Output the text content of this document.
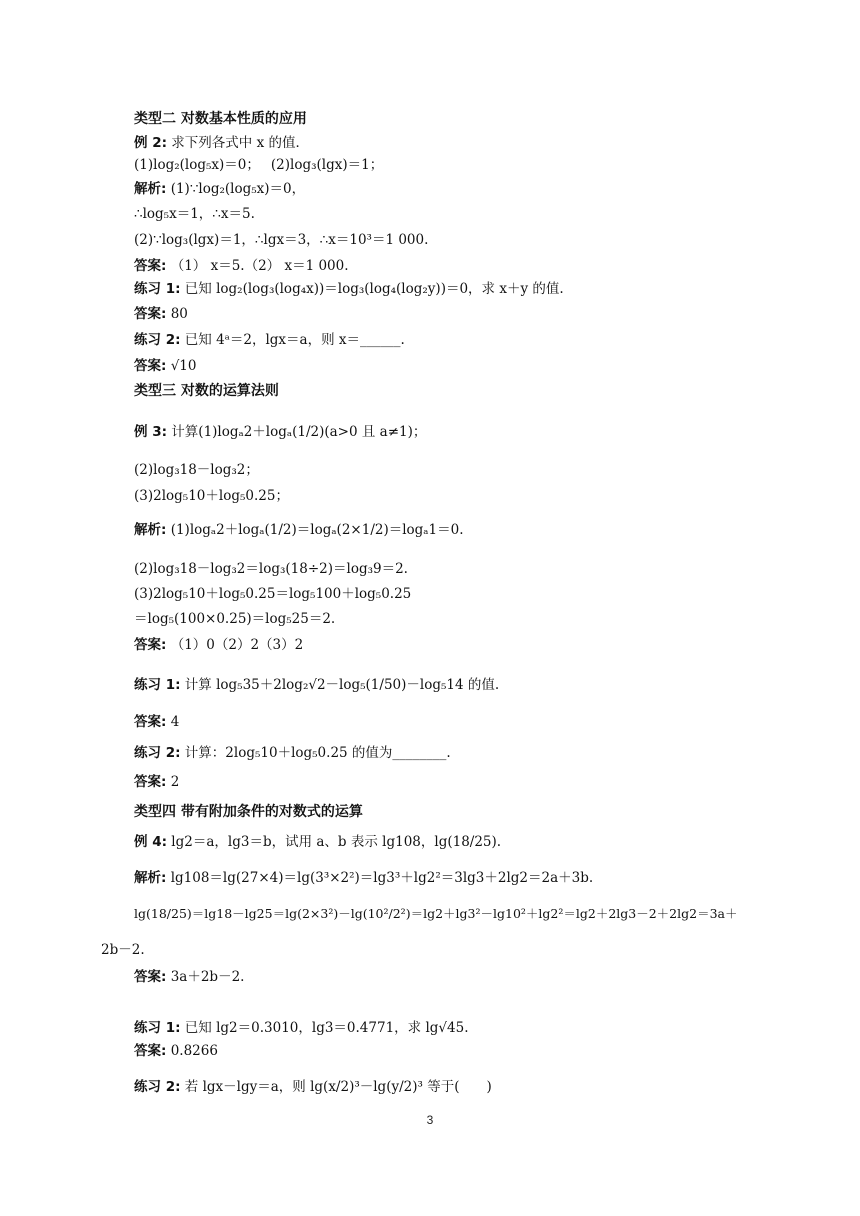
类型二 对数基本性质的应用
例 2: 求下列各式中 x 的值．
(1)log₂(log₅x)＝0；　 (2)log₃(lgx)＝1；
解析: (1)∵log₂(log₅x)＝0，
∴log₅x＝1，∴x＝5.
(2)∵log₃(lgx)＝1，∴lgx＝3，∴x＝10³＝1 000.
答案: （1） x＝5.（2） x＝1 000.
练习 1: 已知 log₂(log₃(log₄x))＝log₃(log₄(log₂y))＝0，求 x＋y 的值.
答案: 80
练习 2: 已知 4ᵃ＝2，lgx＝a，则 x＝______.
答案: √10
类型三 对数的运算法则
例 3: 计算(1)logₐ2＋logₐ(1/2)(a>0 且 a≠1)；
(2)log₃18－log₃2；
(3)2log₅10＋log₅0.25；
解析: (1)logₐ2＋logₐ(1/2)＝logₐ(2×1/2)＝logₐ1＝0.
(2)log₃18－log₃2＝log₃(18÷2)＝log₃9＝2.
(3)2log₅10＋log₅0.25＝log₅100＋log₅0.25
＝log₅(100×0.25)＝log₅25＝2.
答案: （1）0（2）2（3）2
练习 1: 计算 log₅35＋2log₂√2－log₅(1/50)－log₅14 的值.
答案: 4
练习 2: 计算：2log₅10＋log₅0.25 的值为________.
答案: 2
类型四 带有附加条件的对数式的运算
例 4: lg2＝a，lg3＝b，试用 a、b 表示 lg108，lg(18/25).
解析: lg108＝lg(27×4)＝lg(3³×2²)＝lg3³＋lg2²＝3lg3＋2lg2＝2a＋3b.
lg(18/25)＝lg18－lg25＝lg(2×3²)－lg(10²/2²)＝lg2＋lg3²－lg10²＋lg2²＝lg2＋2lg3－2＋2lg2＝3a＋
2b－2.
答案: 3a＋2b－2.
练习 1: 已知 lg2＝0.3010，lg3＝0.4771，求 lg√45.
答案: 0.8266
练习 2: 若 lgx－lgy＝a，则 lg(x/2)³－lg(y/2)³ 等于(　　)
3
